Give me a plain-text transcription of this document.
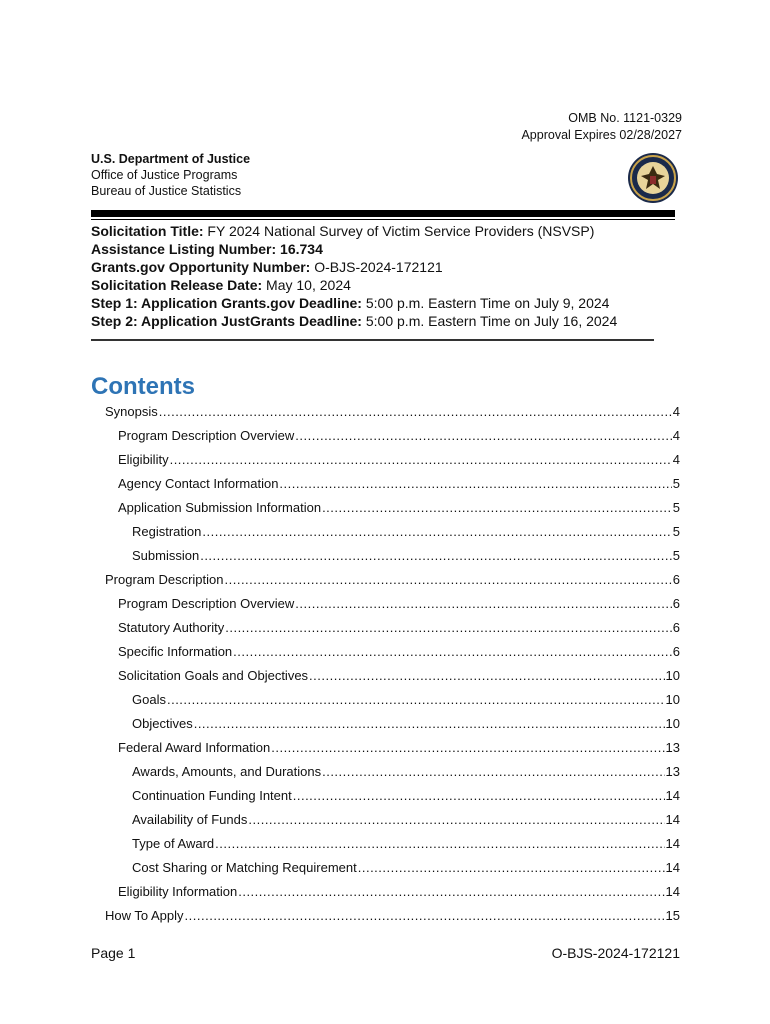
OMB No. 1121-0329
Approval Expires 02/28/2027
U.S. Department of Justice
Office of Justice Programs
Bureau of Justice Statistics
Solicitation Title: FY 2024 National Survey of Victim Service Providers (NSVSP)
Assistance Listing Number: 16.734
Grants.gov Opportunity Number: O-BJS-2024-172121
Solicitation Release Date: May 10, 2024
Step 1: Application Grants.gov Deadline: 5:00 p.m. Eastern Time on July 9, 2024
Step 2: Application JustGrants Deadline: 5:00 p.m. Eastern Time on July 16, 2024
Contents
Synopsis .....	4
Program Description Overview .....	4
Eligibility .....	4
Agency Contact Information .....	5
Application Submission Information .....	5
Registration .....	5
Submission .....	5
Program Description .....	6
Program Description Overview .....	6
Statutory Authority .....	6
Specific Information .....	6
Solicitation Goals and Objectives .....	10
Goals .....	10
Objectives .....	10
Federal Award Information .....	13
Awards, Amounts, and Durations .....	13
Continuation Funding Intent .....	14
Availability of Funds .....	14
Type of Award .....	14
Cost Sharing or Matching Requirement .....	14
Eligibility Information .....	14
How To Apply .....	15
Page 1	O-BJS-2024-172121
